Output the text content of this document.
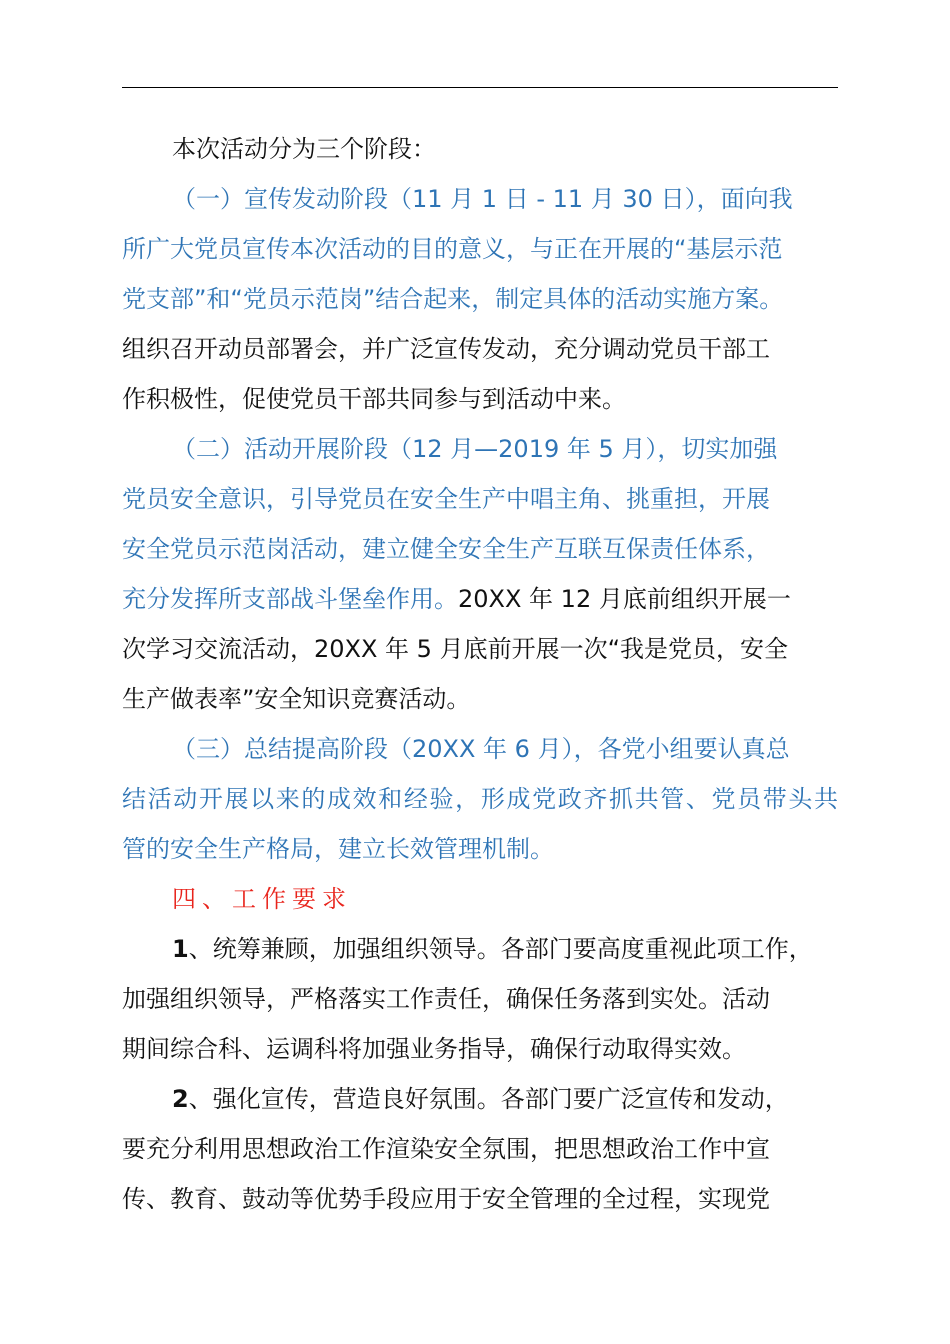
本次活动分为三个阶段：
（一）宣传发动阶段（11 月 1 日 - 11 月 30 日），面向我
所广大党员宣传本次活动的目的意义，与正在开展的“基层示范
党支部”和“党员示范岗”结合起来，制定具体的活动实施方案。
组织召开动员部署会，并广泛宣传发动，充分调动党员干部工
作积极性，促使党员干部共同参与到活动中来。
（二）活动开展阶段（12 月—2019 年 5 月），切实加强
党员安全意识，引导党员在安全生产中唱主角、挑重担，开展
安全党员示范岗活动，建立健全安全生产互联互保责任体系，
充分发挥所支部战斗堡垒作用。20XX 年 12 月底前组织开展一
次学习交流活动，20XX 年 5 月底前开展一次“我是党员，安全
生产做表率”安全知识竞赛活动。
（三）总结提高阶段（20XX 年 6 月），各党小组要认真总
结活动开展以来的成效和经验，形成党政齐抓共管、党员带头共
管的安全生产格局，建立长效管理机制。
四、工作要求
1、统筹兼顾，加强组织领导。各部门要高度重视此项工作，
加强组织领导，严格落实工作责任，确保任务落到实处。活动
期间综合科、运调科将加强业务指导，确保行动取得实效。
2、强化宣传，营造良好氛围。各部门要广泛宣传和发动，
要充分利用思想政治工作渲染安全氛围，把思想政治工作中宣
传、教育、鼓动等优势手段应用于安全管理的全过程，实现党
